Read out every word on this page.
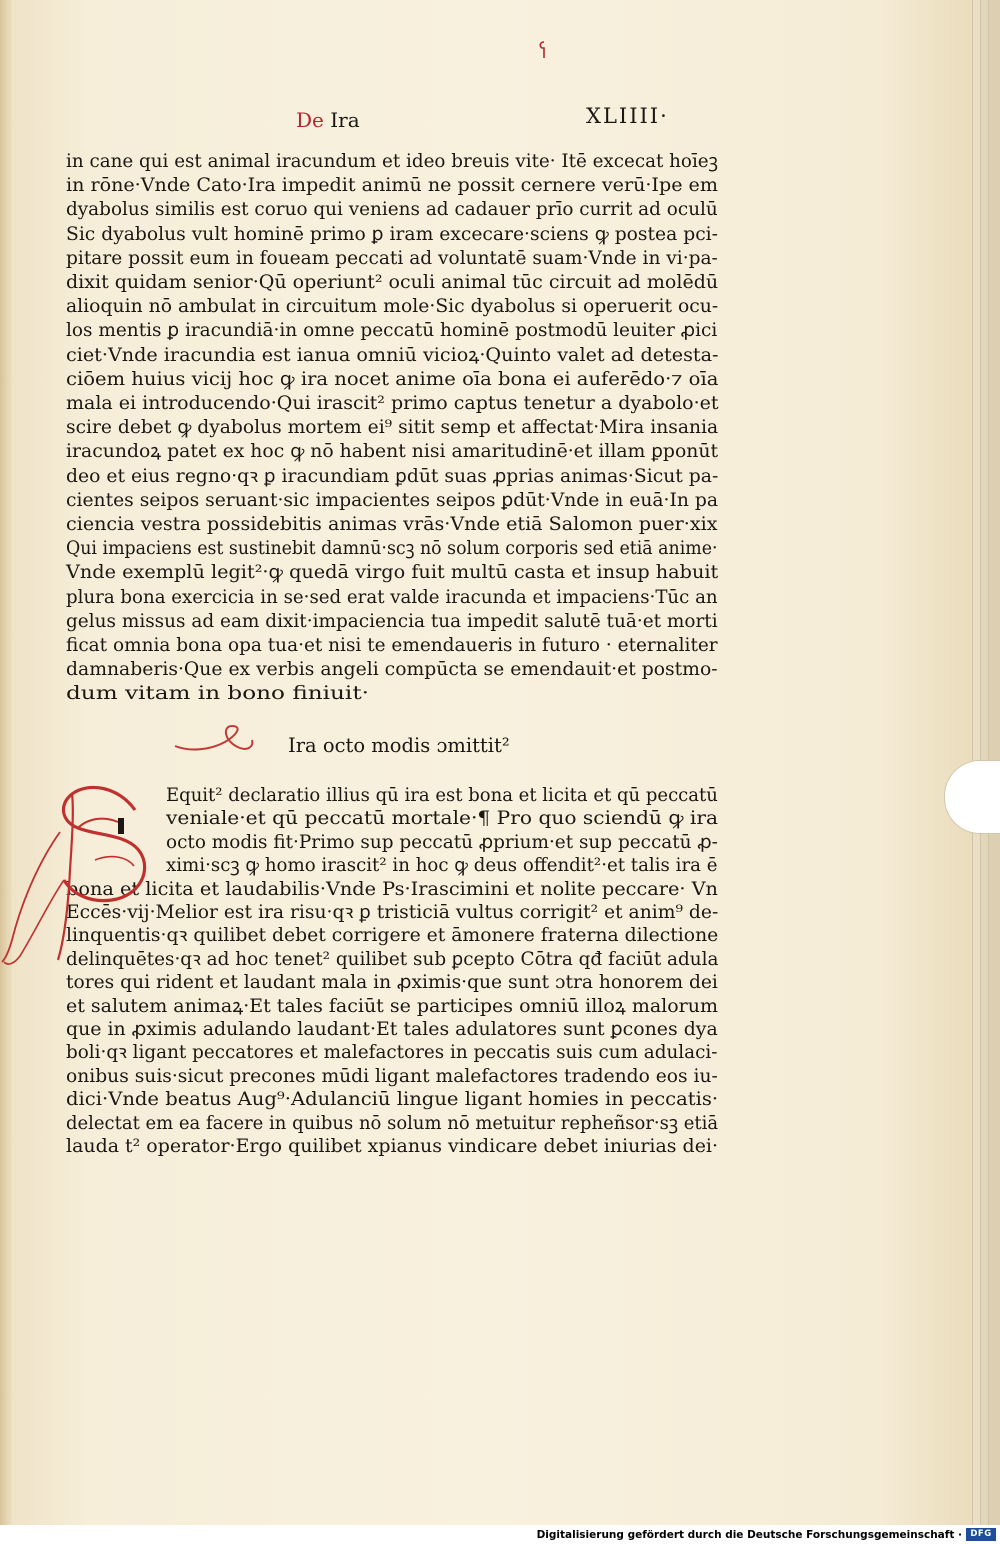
De Ira	XLIIII·
in cane qui est animal iracundum et ideo breuis vite· Itē excecat hoīeꝫ
in rōne·Vnde Cato·Ira impedit animū ne possit cernere verū·Ipe em
dyabolus similis est coruo qui veniens ad cadauer prīo currit ad oculū
Sic dyabolus vult hominē primo ꝑ iram excecare·sciens ꝙ postea pci-
pitare possit eum in foueam peccati ad voluntatē suam·Vnde in vi·pa-
dixit quidam senior·Qū operiunt² oculi animal tūc circuit ad molēdū
alioquin nō ambulat in circuitum mole·Sic dyabolus si operuerit ocu-
los mentis ꝑ iracundiā·in omne peccatū hominē postmodū leuiter ꝓici
ciet·Vnde iracundia est ianua omniū vicioꝝ·Quinto valet ad detesta-
ciōem huius vicij hoc ꝙ ira nocet anime oīa bona ei auferēdo·⁊ oīa
mala ei introducendo·Qui irascit² primo captus tenetur a dyabolo·et
scire debet ꝙ dyabolus mortem ei⁹ sitit semp et affectat·Mira insania
iracundoꝝ patet ex hoc ꝙ nō habent nisi amaritudinē·et illam ꝑponūt
deo et eius regno·qꝛ ꝑ iracundiam ꝑdūt suas ꝓprias animas·Sicut pa-
cientes seipos seruant·sic impacientes seipos ꝑdūt·Vnde in euā·In pa
ciencia vestra possidebitis animas vrās·Vnde etiā Salomon puer·xix
Qui impaciens est sustinebit damnū·scꝫ nō solum corporis sed etiā anime·
Vnde exemplū legit²·ꝙ quedā virgo fuit multū casta et insup habuit
plura bona exercicia in se·sed erat valde iracunda et impaciens·Tūc an
gelus missus ad eam dixit·impaciencia tua impedit salutē tuā·et morti
ficat omnia bona opa tua·et nisi te emendaueris in futuro · eternaliter
damnaberis·Que ex verbis angeli compūcta se emendauit·et postmo-
dum vitam in bono finiuit·
Equit² declaratio illius qū ira est bona et licita et qū peccatū
veniale·et qū peccatū mortale·¶ Pro quo sciendū ꝙ ira
octo modis fit·Primo sup peccatū ꝓprium·et sup peccatū ꝓ-
ximi·scꝫ ꝙ homo irascit² in hoc ꝙ deus offendit²·et talis ira ē
bona et licita et laudabilis·Vnde Ps·Irascimini et nolite peccare· Vn
Eccēs·vij·Melior est ira risu·qꝛ ꝑ tristiciā vultus corrigit² et anim⁹ de-
linquentis·qꝛ quilibet debet corrigere et āmonere fraterna dilectione
delinquētes·qꝛ ad hoc tenet² quilibet sub ꝑcepto Cōtra qđ faciūt adula
tores qui rident et laudant mala in ꝓximis·que sunt ɔtra honorem dei
et salutem animaꝝ·Et tales faciūt se participes omniū illoꝝ malorum
que in ꝓximis adulando laudant·Et tales adulatores sunt ꝑcones dya
boli·qꝛ ligant peccatores et malefactores in peccatis suis cum adulaci-
onibus suis·sicut precones mūdi ligant malefactores tradendo eos iu-
dici·Vnde beatus Aug⁹·Adulanciū lingue ligant homies in peccatis·
delectat em ea facere in quibus nō solum nō metuitur repheñsor·sꝫ etiā
lauda t² operator·Ergo quilibet xpianus vindicare debet iniurias dei·
Ira octo modis ɔmittit²
Digitalisierung gefördert durch die Deutsche Forschungsgemeinschaft · DFG
